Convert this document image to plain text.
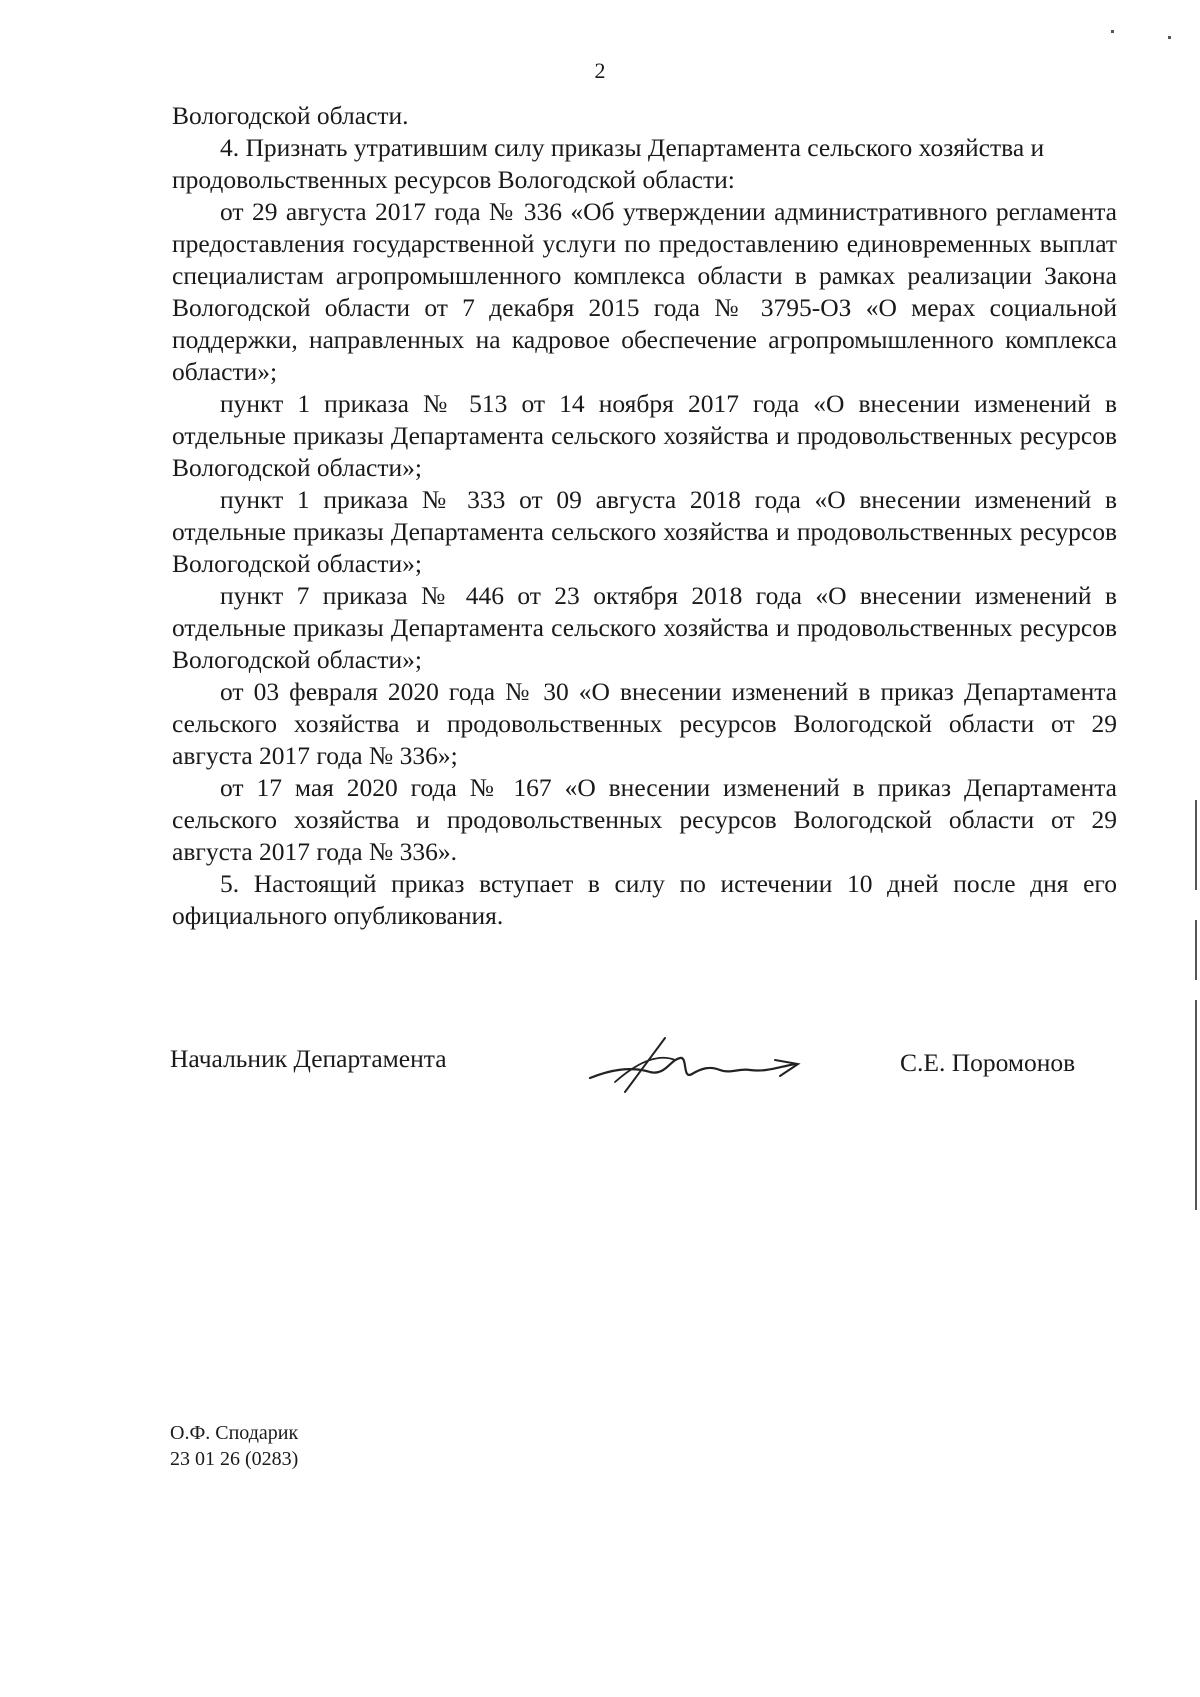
2

Вологодской области.

4. Признать утратившим силу приказы Департамента сельского хозяйства и продовольственных ресурсов Вологодской области:

от 29 августа 2017 года № 336 «Об утверждении административного регламента предоставления государственной услуги по предоставлению единовременных выплат специалистам агропромышленного комплекса области в рамках реализации Закона Вологодской области от 7 декабря 2015 года № 3795-ОЗ «О мерах социальной поддержки, направленных на кадровое обеспечение агропромышленного комплекса области»;

пункт 1 приказа № 513 от 14 ноября 2017 года «О внесении изменений в отдельные приказы Департамента сельского хозяйства и продовольственных ресурсов Вологодской области»;

пункт 1 приказа № 333 от 09 августа 2018 года «О внесении изменений в отдельные приказы Департамента сельского хозяйства и продовольственных ресурсов Вологодской области»;

пункт 7 приказа № 446 от 23 октября 2018 года «О внесении изменений в отдельные приказы Департамента сельского хозяйства и продовольственных ресурсов Вологодской области»;

от 03 февраля 2020 года № 30 «О внесении изменений в приказ Департамента сельского хозяйства и продовольственных ресурсов Вологодской области от 29 августа 2017 года № 336»;

от 17 мая 2020 года № 167 «О внесении изменений в приказ Департамента сельского хозяйства и продовольственных ресурсов Вологодской области от 29 августа 2017 года № 336».

5. Настоящий приказ вступает в силу по истечении 10 дней после дня его официального опубликования.

Начальник Департамента	С.Е. Поромонов
О.Ф. Сподарик
23 01 26 (0283)
